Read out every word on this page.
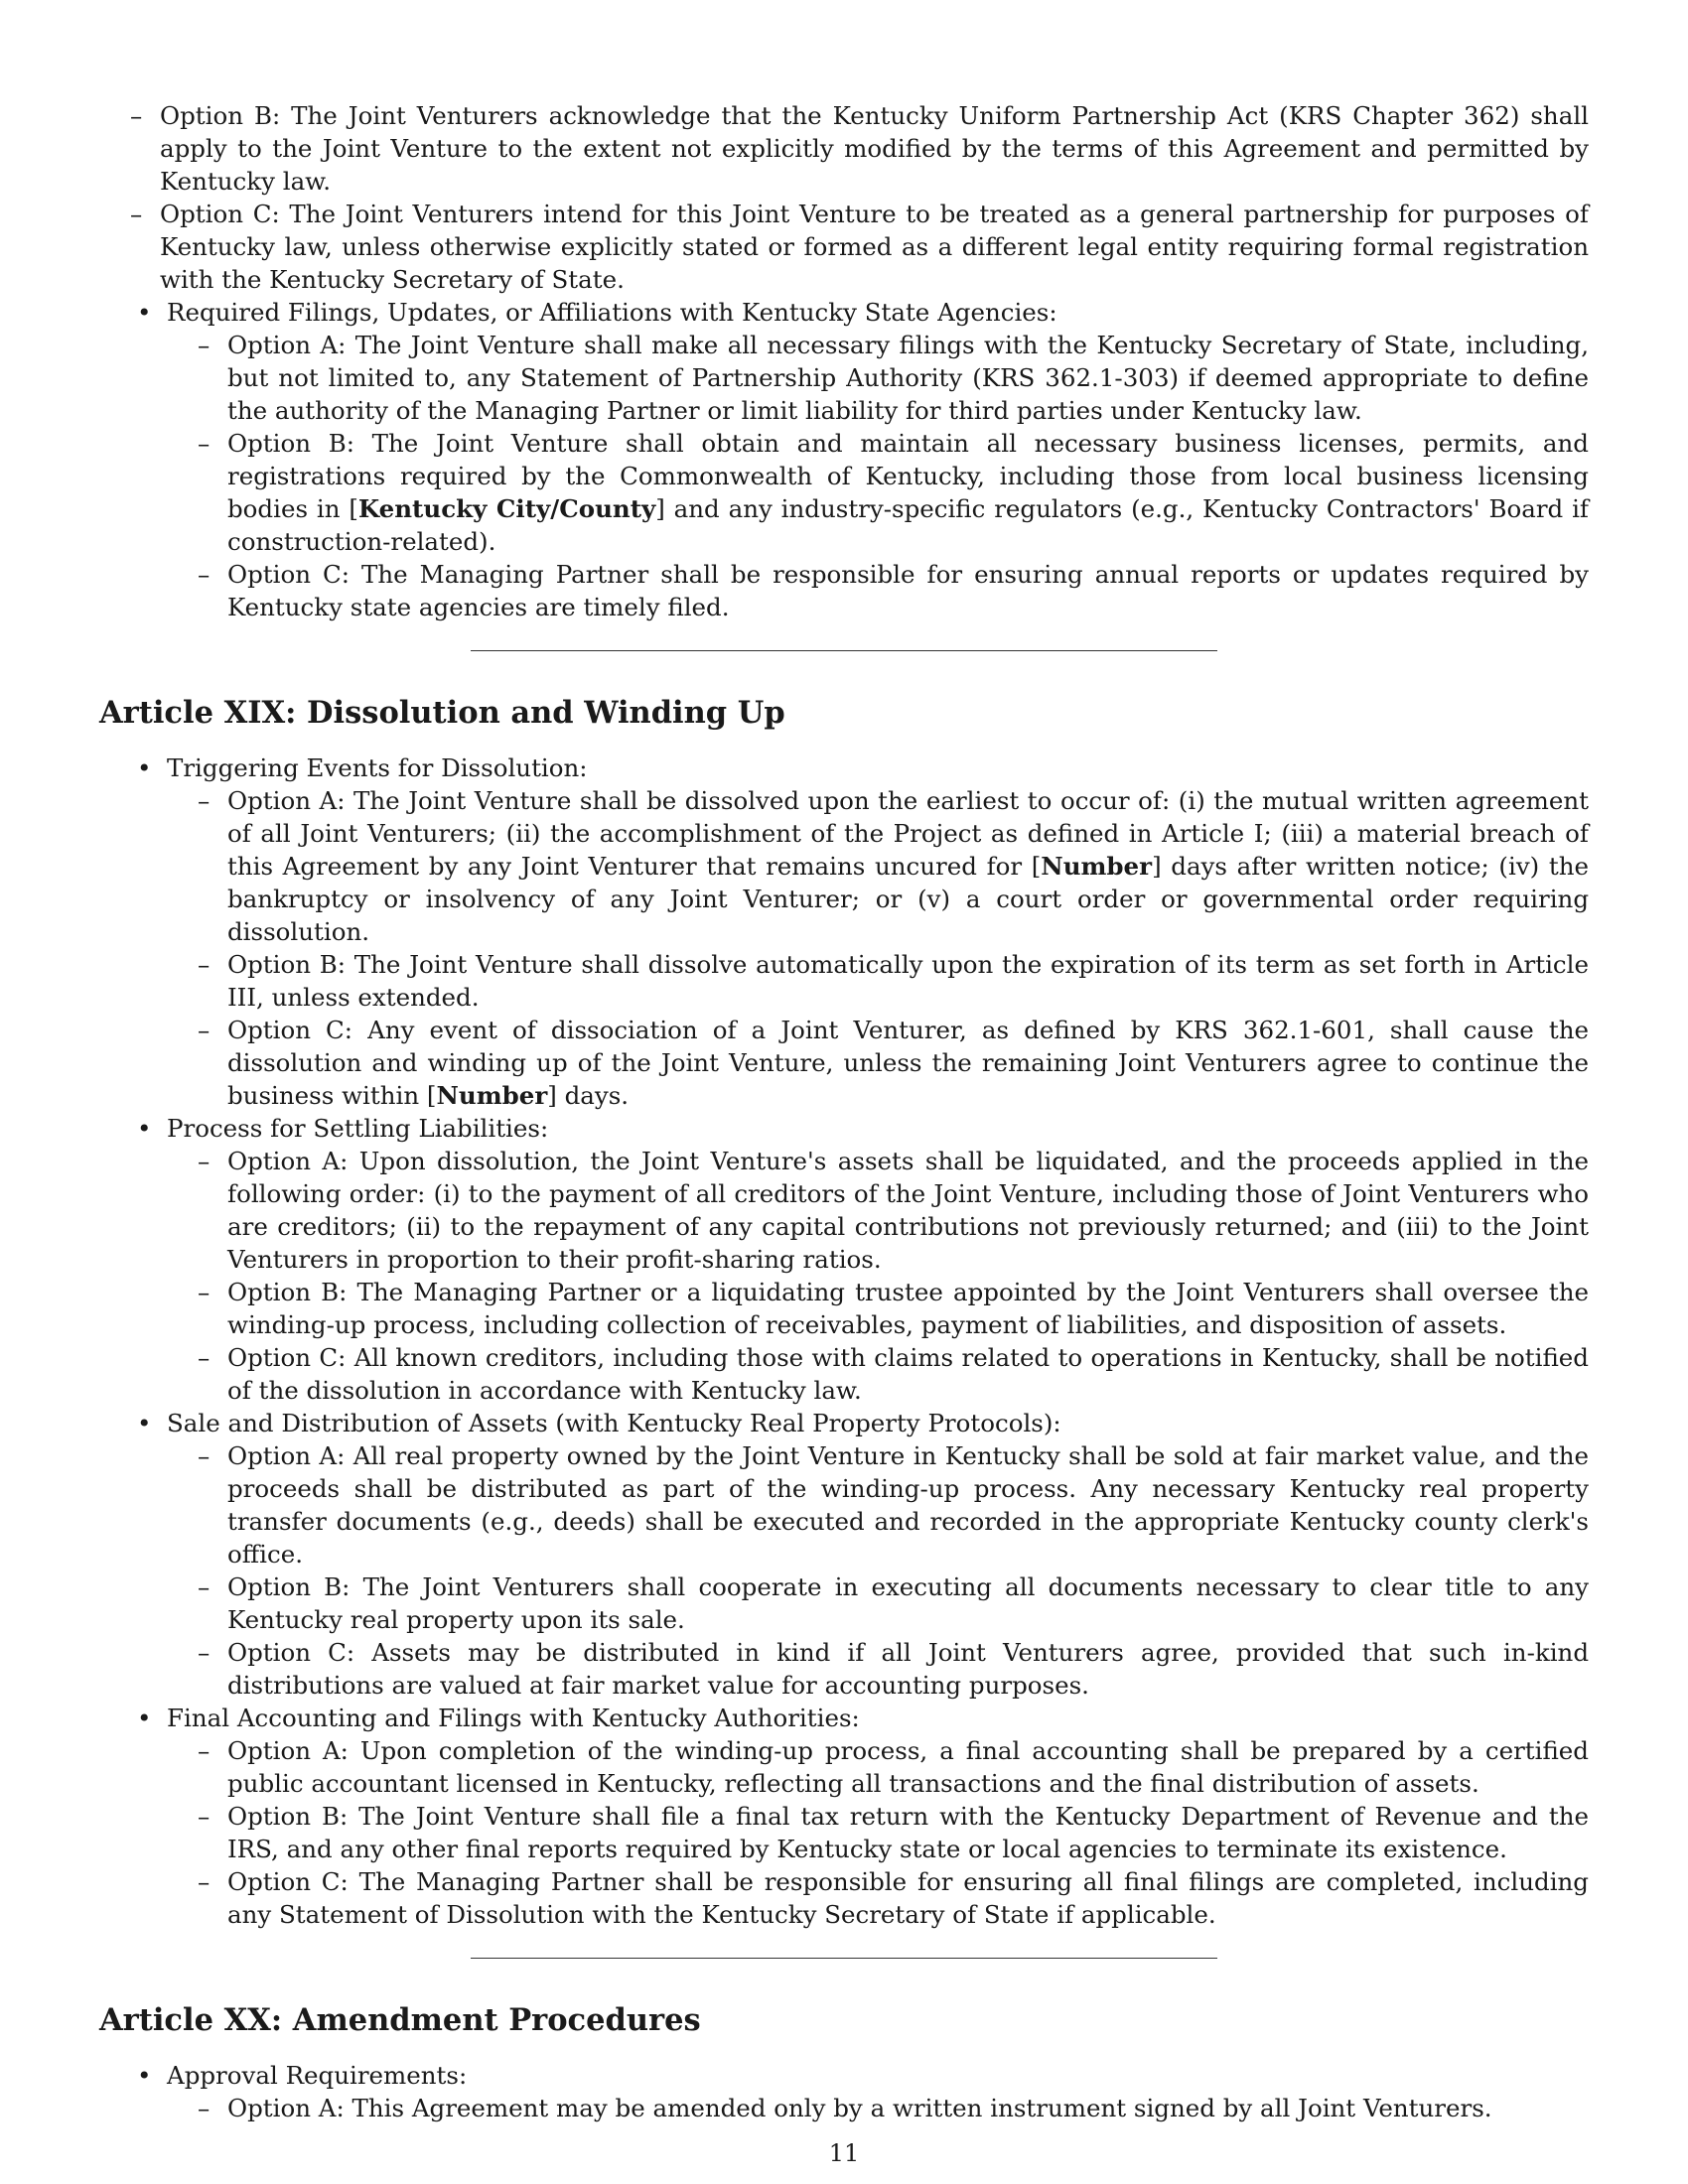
– Option B: The Joint Venturers acknowledge that the Kentucky Uniform Partnership Act (KRS Chapter 362) shall apply to the Joint Venture to the extent not explicitly modified by the terms of this Agreement and permitted by Kentucky law.
– Option C: The Joint Venturers intend for this Joint Venture to be treated as a general partnership for purposes of Kentucky law, unless otherwise explicitly stated or formed as a different legal entity requiring formal registration with the Kentucky Secretary of State.
• Required Filings, Updates, or Affiliations with Kentucky State Agencies:
– Option A: The Joint Venture shall make all necessary filings with the Kentucky Secretary of State, including, but not limited to, any Statement of Partnership Authority (KRS 362.1-303) if deemed appropriate to define the authority of the Managing Partner or limit liability for third parties under Kentucky law.
– Option B: The Joint Venture shall obtain and maintain all necessary business licenses, permits, and registrations required by the Commonwealth of Kentucky, including those from local business licensing bodies in [Kentucky City/County] and any industry-specific regulators (e.g., Kentucky Contractors' Board if construction-related).
– Option C: The Managing Partner shall be responsible for ensuring annual reports or updates required by Kentucky state agencies are timely filed.
Article XIX: Dissolution and Winding Up
• Triggering Events for Dissolution:
– Option A: The Joint Venture shall be dissolved upon the earliest to occur of: (i) the mutual written agreement of all Joint Venturers; (ii) the accomplishment of the Project as defined in Article I; (iii) a material breach of this Agreement by any Joint Venturer that remains uncured for [Number] days after written notice; (iv) the bankruptcy or insolvency of any Joint Venturer; or (v) a court order or governmental order requiring dissolution.
– Option B: The Joint Venture shall dissolve automatically upon the expiration of its term as set forth in Article III, unless extended.
– Option C: Any event of dissociation of a Joint Venturer, as defined by KRS 362.1-601, shall cause the dissolution and winding up of the Joint Venture, unless the remaining Joint Venturers agree to continue the business within [Number] days.
• Process for Settling Liabilities:
– Option A: Upon dissolution, the Joint Venture's assets shall be liquidated, and the proceeds applied in the following order: (i) to the payment of all creditors of the Joint Venture, including those of Joint Venturers who are creditors; (ii) to the repayment of any capital contributions not previously returned; and (iii) to the Joint Venturers in proportion to their profit-sharing ratios.
– Option B: The Managing Partner or a liquidating trustee appointed by the Joint Venturers shall oversee the winding-up process, including collection of receivables, payment of liabilities, and disposition of assets.
– Option C: All known creditors, including those with claims related to operations in Kentucky, shall be notified of the dissolution in accordance with Kentucky law.
• Sale and Distribution of Assets (with Kentucky Real Property Protocols):
– Option A: All real property owned by the Joint Venture in Kentucky shall be sold at fair market value, and the proceeds shall be distributed as part of the winding-up process. Any necessary Kentucky real property transfer documents (e.g., deeds) shall be executed and recorded in the appropriate Kentucky county clerk's office.
– Option B: The Joint Venturers shall cooperate in executing all documents necessary to clear title to any Kentucky real property upon its sale.
– Option C: Assets may be distributed in kind if all Joint Venturers agree, provided that such in-kind distributions are valued at fair market value for accounting purposes.
• Final Accounting and Filings with Kentucky Authorities:
– Option A: Upon completion of the winding-up process, a final accounting shall be prepared by a certified public accountant licensed in Kentucky, reflecting all transactions and the final distribution of assets.
– Option B: The Joint Venture shall file a final tax return with the Kentucky Department of Revenue and the IRS, and any other final reports required by Kentucky state or local agencies to terminate its existence.
– Option C: The Managing Partner shall be responsible for ensuring all final filings are completed, including any Statement of Dissolution with the Kentucky Secretary of State if applicable.
Article XX: Amendment Procedures
• Approval Requirements:
– Option A: This Agreement may be amended only by a written instrument signed by all Joint Venturers.
11
